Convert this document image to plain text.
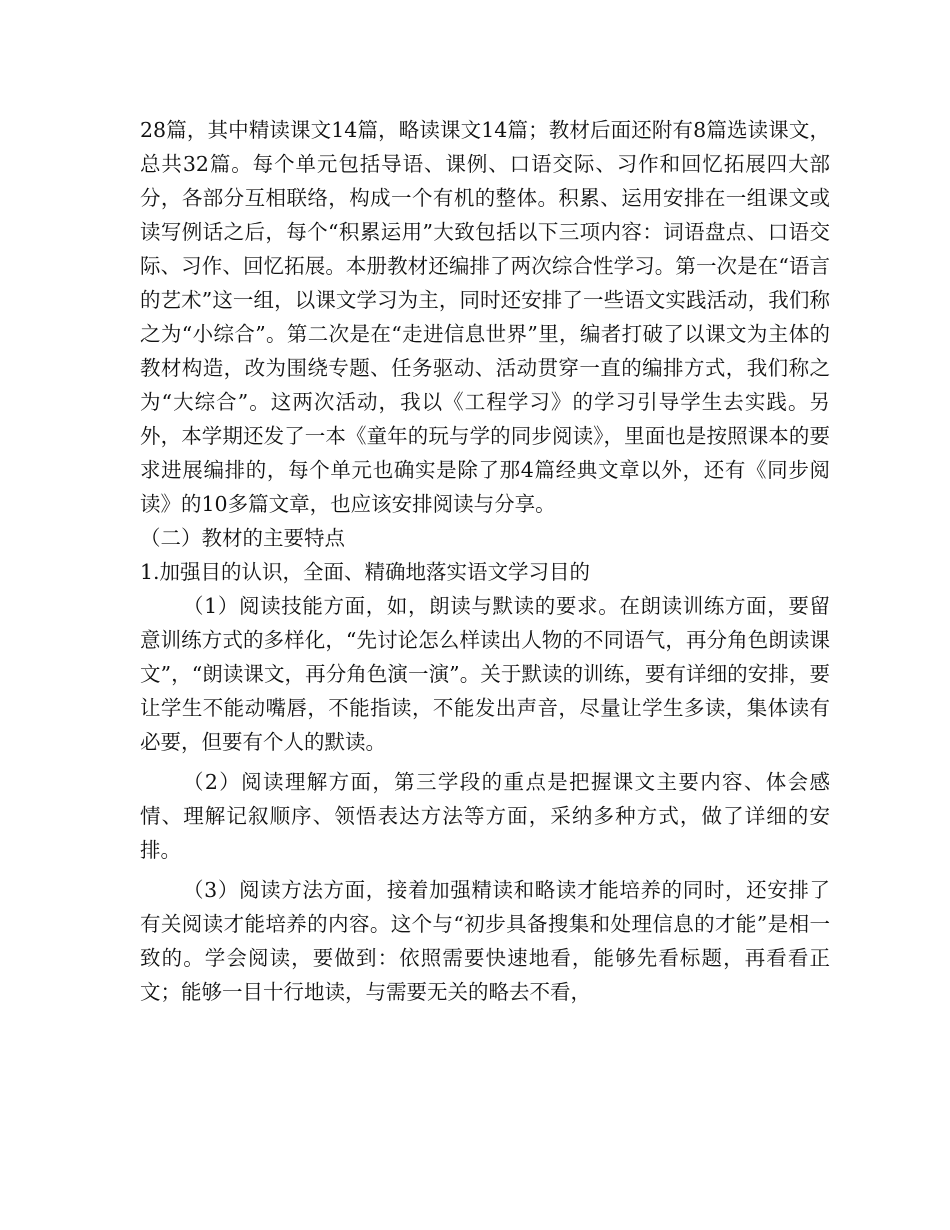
28篇，其中精读课文14篇，略读课文14篇；教材后面还附有8篇选读课文，总共32篇。每个单元包括导语、课例、口语交际、习作和回忆拓展四大部分，各部分互相联络，构成一个有机的整体。积累、运用安排在一组课文或读写例话之后，每个“积累运用”大致包括以下三项内容：词语盘点、口语交际、习作、回忆拓展。本册教材还编排了两次综合性学习。第一次是在“语言的艺术”这一组，以课文学习为主，同时还安排了一些语文实践活动，我们称之为“小综合”。第二次是在“走进信息世界”里，编者打破了以课文为主体的教材构造，改为围绕专题、任务驱动、活动贯穿一直的编排方式，我们称之为“大综合”。这两次活动，我以《工程学习》的学习引导学生去实践。另外，本学期还发了一本《童年的玩与学的同步阅读》，里面也是按照课本的要求进展编排的，每个单元也确实是除了那4篇经典文章以外，还有《同步阅读》的10多篇文章，也应该安排阅读与分享。

（二）教材的主要特点

1.加强目的认识，全面、精确地落实语文学习目的

（1）阅读技能方面，如，朗读与默读的要求。在朗读训练方面，要留意训练方式的多样化，“先讨论怎么样读出人物的不同语气，再分角色朗读课文”，“朗读课文，再分角色演一演”。关于默读的训练，要有详细的安排，要让学生不能动嘴唇，不能指读，不能发出声音，尽量让学生多读，集体读有必要，但要有个人的默读。

（2）阅读理解方面，第三学段的重点是把握课文主要内容、体会感情、理解记叙顺序、领悟表达方法等方面，采纳多种方式，做了详细的安排。

（3）阅读方法方面，接着加强精读和略读才能培养的同时，还安排了有关阅读才能培养的内容。这个与“初步具备搜集和处理信息的才能”是相一致的。学会阅读，要做到：依照需要快速地看，能够先看标题，再看看正文；能够一目十行地读，与需要无关的略去不看，
